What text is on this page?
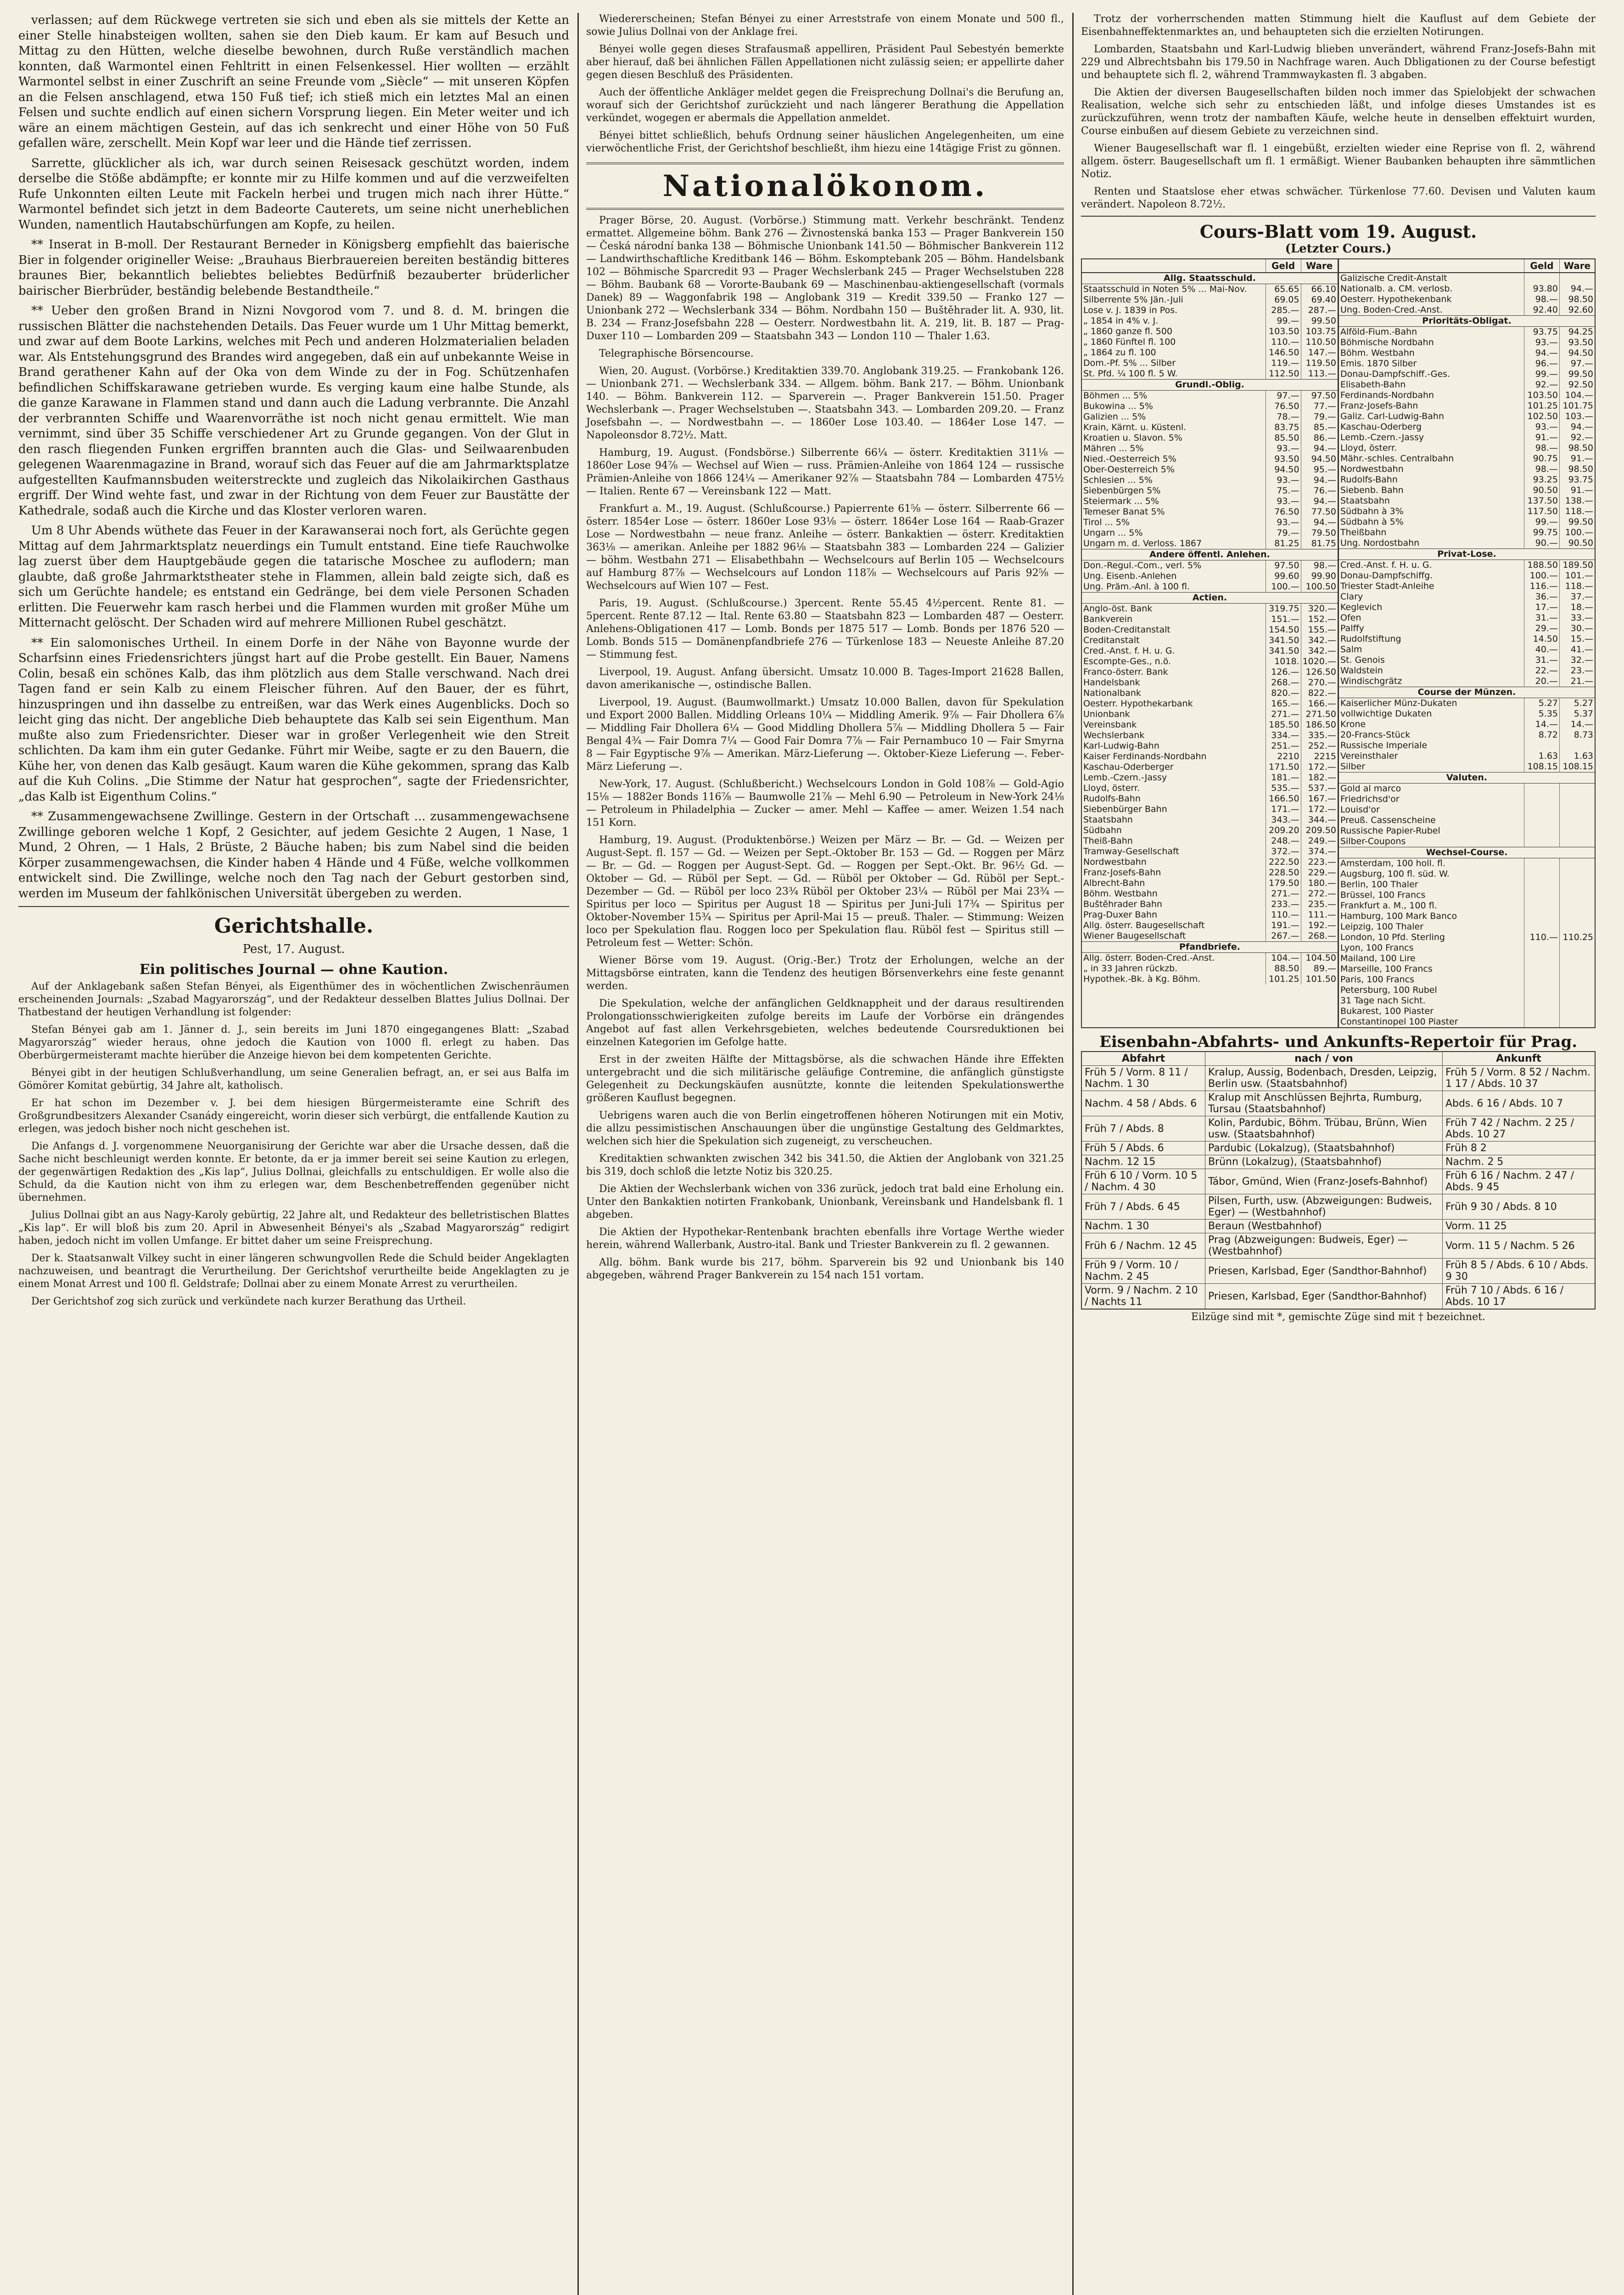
verlassen; auf dem Rückwege vertreten sie sich und eben als sie mittels der Kette an einer Stelle hinabsteigen wollten, sahen sie den Dieb kaum. Er kam auf Besuch und Mittag zu den Hütten, welche dieselbe bewohnen, durch Ruße verständlich machen konnten, daß Warmontel einen Fehltritt in einen Felsenkessel. Hier wollten — erzählt Warmontel selbst in einer Zuschrift an seine Freunde vom „Siècle“ — mit unseren Köpfen an die Felsen anschlagend, etwa 150 Fuß tief; ich stieß mich ein letztes Mal an einen Felsen und suchte endlich auf einen sichern Vorsprung liegen. Ein Meter weiter und ich wäre an einem mächtigen Gestein, auf das ich senkrecht und einer Höhe von 50 Fuß gefallen wäre, zerschellt. Mein Kopf war leer und die Hände tief zerrissen.

Sarrette, glücklicher als ich, war durch seinen Reisesack geschützt worden, indem derselbe die Stöße abdämpfte; er konnte mir zu Hilfe kommen und auf die verzweifelten Rufe Unkonnten eilten Leute mit Fackeln herbei und trugen mich nach ihrer Hütte.“ Warmontel befindet sich jetzt in dem Badeorte Cauterets, um seine nicht unerheblichen Wunden, namentlich Hautabschürfungen am Kopfe, zu heilen.

** Inserat in B-moll. Der Restaurant Berneder in Königsberg empfiehlt das baierische Bier in folgender origineller Weise: „Brauhaus Bierbrauereien bereiten beständig bitteres braunes Bier, bekanntlich beliebtes beliebtes Bedürfniß bezauberter brüderlicher bairischer Bierbrüder, beständig belebende Bestandtheile.“

** Ueber den großen Brand in Nizni Novgorod vom 7. und 8. d. M. bringen die russischen Blätter die nachstehenden Details. Das Feuer wurde um 1 Uhr Mittag bemerkt, und zwar auf dem Boote Larkins, welches mit Pech und anderen Holzmaterialien beladen war. Als Entstehungsgrund des Brandes wird angegeben, daß ein auf unbekannte Weise in Brand gerathener Kahn auf der Oka von dem Winde zu der in Fog. Schützenhafen befindlichen Schiffskarawane getrieben wurde. Es verging kaum eine halbe Stunde, als die ganze Karawane in Flammen stand und dann auch die Ladung verbrannte. Die Anzahl der verbrannten Schiffe und Waarenvorräthe ist noch nicht genau ermittelt. Wie man vernimmt, sind über 35 Schiffe verschiedener Art zu Grunde gegangen. Von der Glut in den rasch fliegenden Funken ergriffen brannten auch die Glas- und Seilwaarenbuden gelegenen Waarenmagazine in Brand, worauf sich das Feuer auf die am Jahrmarktsplatze aufgestellten Kaufmannsbuden weiterstreckte und zugleich das Nikolaikirchen Gasthaus ergriff. Der Wind wehte fast, und zwar in der Richtung von dem Feuer zur Baustätte der Kathedrale, sodaß auch die Kirche und das Kloster verloren waren.

Um 8 Uhr Abends wüthete das Feuer in der Karawanserai noch fort, als Gerüchte gegen Mittag auf dem Jahrmarktsplatz neuerdings ein Tumult entstand. Eine tiefe Rauchwolke lag zuerst über dem Hauptgebäude gegen die tatarische Moschee zu auflodern; man glaubte, daß große Jahrmarktstheater stehe in Flammen, allein bald zeigte sich, daß es sich um Gerüchte handele; es entstand ein Gedränge, bei dem viele Personen Schaden erlitten. Die Feuerwehr kam rasch herbei und die Flammen wurden mit großer Mühe um Mitternacht gelöscht. Der Schaden wird auf mehrere Millionen Rubel geschätzt.

** Ein salomonisches Urtheil. In einem Dorfe in der Nähe von Bayonne wurde der Scharfsinn eines Friedensrichters jüngst hart auf die Probe gestellt. Ein Bauer, Namens Colin, besaß ein schönes Kalb, das ihm plötzlich aus dem Stalle verschwand. Nach drei Tagen fand er sein Kalb zu einem Fleischer führen. Auf den Bauer, der es führt, hinzuspringen und ihn dasselbe zu entreißen, war das Werk eines Augenblicks. Doch so leicht ging das nicht. Der angebliche Dieb behauptete das Kalb sei sein Eigenthum. Man mußte also zum Friedensrichter. Dieser war in großer Verlegenheit wie den Streit schlichten. Da kam ihm ein guter Gedanke. Führt mir Weibe, sagte er zu den Bauern, die Kühe her, von denen das Kalb gesäugt. Kaum waren die Kühe gekommen, sprang das Kalb auf die Kuh Colins. „Die Stimme der Natur hat gesprochen“, sagte der Friedensrichter, „das Kalb ist Eigenthum Colins.“

** Zusammengewachsene Zwillinge. Gestern in der Ortschaft ... zusammengewachsene Zwillinge geboren welche 1 Kopf, 2 Gesichter, auf jedem Gesichte 2 Augen, 1 Nase, 1 Mund, 2 Ohren, — 1 Hals, 2 Brüste, 2 Bäuche haben; bis zum Nabel sind die beiden Körper zusammengewachsen, die Kinder haben 4 Hände und 4 Füße, welche vollkommen entwickelt sind. Die Zwillinge, welche noch den Tag nach der Geburt gestorben sind, werden im Museum der fahlkönischen Universität übergeben zu werden.

Gerichtshalle.
Pest, 17. August.
Ein politisches Journal — ohne Kaution.

Auf der Anklagebank saßen Stefan Bényei, als Eigenthümer des in wöchentlichen Zwischenräumen erscheinenden Journals: „Szabad Magyarország“, und der Redakteur desselben Blattes Julius Dollnai. Der Thatbestand der heutigen Verhandlung ist folgender:

Stefan Bényei gab am 1. Jänner d. J., sein bereits im Juni 1870 eingegangenes Blatt: „Szabad Magyarország“ wieder heraus, ohne jedoch die Kaution von 1000 fl. erlegt zu haben. Das Oberbürgermeisteramt machte hierüber die Anzeige hievon bei dem kompetenten Gerichte.

Bényei gibt in der heutigen Schlußverhandlung, um seine Generalien befragt, an, er sei aus Balfa im Gömörer Komitat gebürtig, 34 Jahre alt, katholisch.

Er hat schon im Dezember v. J. bei dem hiesigen Bürgermeisteramte eine Schrift des Großgrundbesitzers Alexander Csanády eingereicht, worin dieser sich verbürgt, die entfallende Kaution zu erlegen, was jedoch bisher noch nicht geschehen ist.

Die Anfangs d. J. vorgenommene Neuorganisirung der Gerichte war aber die Ursache dessen, daß die Sache nicht beschleunigt werden konnte. Er betonte, da er ja immer bereit sei seine Kaution zu erlegen, der gegenwärtigen Redaktion des „Kis lap“, Julius Dollnai, gleichfalls zu entschuldigen. Er wolle also die Schuld, da die Kaution nicht von ihm zu erlegen war, dem Beschenbetreffenden gegenüber nicht übernehmen.

Julius Dollnai gibt an aus Nagy-Karoly gebürtig, 22 Jahre alt, und Redakteur des belletristischen Blattes „Kis lap“. Er will bloß bis zum 20. April in Abwesenheit Bényei's als „Szabad Magyarország“ redigirt haben, jedoch nicht im vollen Umfange. Er bittet daher um seine Freisprechung.

Der k. Staatsanwalt Vilkey sucht in einer längeren schwungvollen Rede die Schuld beider Angeklagten nachzuweisen, und beantragt die Verurtheilung. Der Gerichtshof verurtheilte beide Angeklagten zu je einem Monat Arrest und 100 fl. Geldstrafe; Dollnai aber zu einem Monate Arrest zu verurtheilen.

Der Gerichtshof zog sich zurück und verkündete nach kurzer Berathung das Urtheil.

Wiedererscheinen; Stefan Bényei zu einer Arreststrafe von einem Monate und 500 fl., sowie Julius Dollnai von der Anklage frei.

Bényei wolle gegen dieses Strafausmaß appelliren, Präsident Paul Sebestyén bemerkte aber hierauf, daß bei ähnlichen Fällen Appellationen nicht zulässig seien; er appellirte daher gegen diesen Beschluß des Präsidenten.

Auch der öffentliche Ankläger meldet gegen die Freisprechung Dollnai's die Berufung an, worauf sich der Gerichtshof zurückzieht und nach längerer Berathung die Appellation verkündet, wogegen er abermals die Appellation anmeldet.

Bényei bittet schließlich, behufs Ordnung seiner häuslichen Angelegenheiten, um eine vierwöchentliche Frist, der Gerichtshof beschließt, ihm hiezu eine 14tägige Frist zu gönnen.

Nationalökonom.

Prager Börse, 20. August. (Vorbörse.) Stimmung matt. Verkehr beschränkt. Tendenz ermattet. Allgemeine böhm. Bank 276 — Živnostenská banka 153 — Prager Bankverein 150 — Česká národní banka 138 — Böhmische Unionbank 141.50 — Böhmischer Bankverein 112 — Landwirthschaftliche Kreditbank 146 — Böhm. Eskomptebank 205 — Böhm. Handelsbank 102 — Böhmische Sparcredit 93 — Prager Wechslerbank 245 — Prager Wechselstuben 228 — Böhm. Baubank 68 — Vororte-Baubank 69 — Maschinenbau-aktiengesellschaft (vormals Danek) 89 — Waggonfabrik 198 — Anglobank 319 — Kredit 339.50 — Franko 127 — Unionbank 272 — Wechslerbank 334 — Böhm. Nordbahn 150 — Buštěhrader lit. A. 930, lit. B. 234 — Franz-Josefsbahn 228 — Oesterr. Nordwestbahn lit. A. 219, lit. B. 187 — Prag-Duxer 110 — Lombarden 209 — Staatsbahn 343 — London 110 — Thaler 1.63.

Telegraphische Börsencourse.

Wien, 20. August. (Vorbörse.) Kreditaktien 339.70. Anglobank 319.25. — Frankobank 126. — Unionbank 271. — Wechslerbank 334. — Allgem. böhm. Bank 217. — Böhm. Unionbank 140. — Böhm. Bankverein 112. — Sparverein —. Prager Bankverein 151.50. Prager Wechslerbank —. Prager Wechselstuben —. Staatsbahn 343. — Lombarden 209.20. — Franz Josefsbahn —. — Nordwestbahn —. — 1860er Lose 103.40. — 1864er Lose 147. — Napoleonsdor 8.72½. Matt.

Hamburg, 19. August. (Fondsbörse.) Silberrente 66¼ — österr. Kreditaktien 311⅛ — 1860er Lose 94⅞ — Wechsel auf Wien — russ. Prämien-Anleihe von 1864 124 — russische Prämien-Anleihe von 1866 124¼ — Amerikaner 92⅞ — Staatsbahn 784 — Lombarden 475½ — Italien. Rente 67 — Vereinsbank 122 — Matt.

Frankfurt a. M., 19. August. (Schlußcourse.) Papierrente 61⅝ — österr. Silberrente 66 — österr. 1854er Lose — österr. 1860er Lose 93⅛ — österr. 1864er Lose 164 — Raab-Grazer Lose — Nordwestbahn — neue franz. Anleihe — österr. Bankaktien — österr. Kreditaktien 363⅛ — amerikan. Anleihe per 1882 96⅛ — Staatsbahn 383 — Lombarden 224 — Galizier — böhm. Westbahn 271 — Elisabethbahn — Wechselcours auf Berlin 105 — Wechselcours auf Hamburg 87⅞ — Wechselcours auf London 118⅞ — Wechselcours auf Paris 92⅝ — Wechselcours auf Wien 107 — Fest.

Paris, 19. August. (Schlußcourse.) 3percent. Rente 55.45 4½percent. Rente 81. — 5percent. Rente 87.12 — Ital. Rente 63.80 — Staatsbahn 823 — Lombarden 487 — Oesterr. Anlehens-Obligationen 417 — Lomb. Bonds per 1875 517 — Lomb. Bonds per 1876 520 — Lomb. Bonds 515 — Domänenpfandbriefe 276 — Türkenlose 183 — Neueste Anleihe 87.20 — Stimmung fest.

Liverpool, 19. August. Anfang übersicht. Umsatz 10.000 B. Tages-Import 21628 Ballen, davon amerikanische —, ostindische Ballen.

Liverpool, 19. August. (Baumwollmarkt.) Umsatz 10.000 Ballen, davon für Spekulation und Export 2000 Ballen. Middling Orleans 10¼ — Middling Amerik. 9⅞ — Fair Dhollera 6⅞ — Middling Fair Dhollera 6¼ — Good Middling Dhollera 5⅞ — Middling Dhollera 5 — Fair Bengal 4¾ — Fair Domra 7¼ — Good Fair Domra 7⅞ — Fair Pernambuco 10 — Fair Smyrna 8 — Fair Egyptische 9⅞ — Amerikan. März-Lieferung —. Oktober-Kieze Lieferung —. Feber-März Lieferung —.

New-York, 17. August. (Schlußbericht.) Wechselcours London in Gold 108⅞ — Gold-Agio 15⅛ — 1882er Bonds 116⅞ — Baumwolle 21⅞ — Mehl 6.90 — Petroleum in New-York 24⅛ — Petroleum in Philadelphia — Zucker — amer. Mehl — Kaffee — amer. Weizen 1.54 nach 151 Korn.

Hamburg, 19. August. (Produktenbörse.) Weizen per März — Br. — Gd. — Weizen per August-Sept. fl. 157 — Gd. — Weizen per Sept.-Oktober Br. 153 — Gd. — Roggen per März — Br. — Gd. — Roggen per August-Sept. Gd. — Roggen per Sept.-Okt. Br. 96½ Gd. — Oktober — Gd. — Rüböl per Sept. — Gd. — Rüböl per Oktober — Gd. Rüböl per Sept.-Dezember — Gd. — Rüböl per loco 23¾ Rüböl per Oktober 23¼ — Rüböl per Mai 23¾ — Spiritus per loco — Spiritus per August 18 — Spiritus per Juni-Juli 17¾ — Spiritus per Oktober-November 15¾ — Spiritus per April-Mai 15 — preuß. Thaler. — Stimmung: Weizen loco per Spekulation flau. Roggen loco per Spekulation flau. Rüböl fest — Spiritus still — Petroleum fest — Wetter: Schön.

Wiener Börse vom 19. August. (Orig.-Ber.) Trotz der Erholungen, welche an der Mittagsbörse eintraten, kann die Tendenz des heutigen Börsenverkehrs eine feste genannt werden.

Die Spekulation, welche der anfänglichen Geldknappheit und der daraus resultirenden Prolongationsschwierigkeiten zufolge bereits im Laufe der Vorbörse ein drängendes Angebot auf fast allen Verkehrsgebieten, welches bedeutende Coursreduktionen bei einzelnen Kategorien im Gefolge hatte.

Erst in der zweiten Hälfte der Mittagsbörse, als die schwachen Hände ihre Effekten untergebracht und die sich militärische geläufige Contremine, die anfänglich günstigste Gelegenheit zu Deckungskäufen ausnützte, konnte die leitenden Spekulationswerthe größeren Kauflust begegnen.

Uebrigens waren auch die von Berlin eingetroffenen höheren Notirungen mit ein Motiv, die allzu pessimistischen Anschauungen über die ungünstige Gestaltung des Geldmarktes, welchen sich hier die Spekulation sich zugeneigt, zu verscheuchen.

Kreditaktien schwankten zwischen 342 bis 341.50, die Aktien der Anglobank von 321.25 bis 319, doch schloß die letzte Notiz bis 320.25.

Die Aktien der Wechslerbank wichen von 336 zurück, jedoch trat bald eine Erholung ein. Unter den Bankaktien notirten Frankobank, Unionbank, Vereinsbank und Handelsbank fl. 1 abgeben.

Die Aktien der Hypothekar-Rentenbank brachten ebenfalls ihre Vortage Werthe wieder herein, während Wallerbank, Austro-ital. Bank und Triester Bankverein zu fl. 2 gewannen.

Allg. böhm. Bank wurde bis 217, böhm. Sparverein bis 92 und Unionbank bis 140 abgegeben, während Prager Bankverein zu 154 nach 151 vortam.

Trotz der vorherrschenden matten Stimmung hielt die Kauflust auf dem Gebiete der Eisenbahneffektenmarktes an, und behaupteten sich die erzielten Notirungen.

Lombarden, Staatsbahn und Karl-Ludwig blieben unverändert, während Franz-Josefs-Bahn mit 229 und Albrechtsbahn bis 179.50 in Nachfrage waren. Auch Dbligationen zu der Course befestigt und behauptete sich fl. 2, während Trammwaykasten fl. 3 abgaben.

Die Aktien der diversen Baugesellschaften bilden noch immer das Spielobjekt der schwachen Realisation, welche sich sehr zu entschieden läßt, und infolge dieses Umstandes ist es zurückzuführen, wenn trotz der nambaften Käufe, welche heute in denselben effektuirt wurden, Course einbußen auf diesem Gebiete zu verzeichnen sind.

Wiener Baugesellschaft war fl. 1 eingebüßt, erzielten wieder eine Reprise von fl. 2, während allgem. österr. Baugesellschaft um fl. 1 ermäßigt. Wiener Baubanken behaupten ihre sämmtlichen Notiz.

Renten und Staatslose eher etwas schwächer. Türkenlose 77.60. Devisen und Valuten kaum verändert. Napoleon 8.72½.

Cours-Blatt vom 19. August.
(Letzter Cours.)
	Geld	Ware
Allg. Staatsschuld.		
Staatsschuld in Noten 5% ... Mai-Nov.	65.65	66.10
Silberrente 5% Jän.-Juli	69.05	69.40
Lose v. J. 1839 in Pos.	285.—	287.—
„ 1854 in 4% v. J.	99.—	99.50
„ 1860 ganze fl. 500	103.50	103.75
„ 1860 Fünftel fl. 100	110.—	110.50
„ 1864 zu fl. 100	146.50	147.—
Dom.-Pf. 5% ... Silber	119.—	119.50
St. Pfd. ¼ 100 fl. 5 W.	112.50	113.—
Grundl.-Oblig.		
Böhmen ... 5%	97.—	97.50
Bukowina ... 5%	76.50	77.—
Galizien ... 5%	78.—	79.—
Krain, Kärnt. u. Küstenl.	83.75	85.—
Kroatien u. Slavon. 5%	85.50	86.—
Mähren ... 5%	93.—	94.—
Nied.-Oesterreich 5%	93.50	94.50
Ober-Oesterreich 5%	94.50	95.—
Schlesien ... 5%	93.—	94.—
Siebenbürgen 5%	75.—	76.—
Steiermark ... 5%	93.—	94.—
Temeser Banat 5%	76.50	77.50
Tirol ... 5%	93.—	94.—
Ungarn ... 5%	79.—	79.50
Ungarn m. d. Verloss. 1867	81.25	81.75
Andere öffentl. Anlehen.		
Don.-Regul.-Com., verl. 5%	97.50	98.—
Ung. Eisenb.-Anlehen	99.60	99.90
Ung. Präm.-Anl. à 100 fl.	100.—	100.50
Actien.		
Anglo-öst. Bank	319.75	320.—
Bankverein	151.—	152.—
Boden-Creditanstalt	154.50	155.—
Creditanstalt	341.50	342.—
Cred.-Anst. f. H. u. G.	341.50	342.—
Escompte-Ges., n.ö.	1018.	1020.—
Franco-österr. Bank	126.—	126.50
Handelsbank	268.—	270.—
Nationalbank	820.—	822.—
Oesterr. Hypothekarbank	165.—	166.—
Unionbank	271.—	271.50
Vereinsbank	185.50	186.50
Wechslerbank	334.—	335.—
Karl-Ludwig-Bahn	251.—	252.—
Kaiser Ferdinands-Nordbahn	2210	2215
Kaschau-Oderberger	171.50	172.—
Lemb.-Czern.-Jassy	181.—	182.—
Lloyd, österr.	535.—	537.—
Rudolfs-Bahn	166.50	167.—
Siebenbürger Bahn	171.—	172.—
Staatsbahn	343.—	344.—
Südbahn	209.20	209.50
Theiß-Bahn	248.—	249.—
Tramway-Gesellschaft	372.—	374.—
Nordwestbahn	222.50	223.—
Franz-Josefs-Bahn	228.50	229.—
Albrecht-Bahn	179.50	180.—
Böhm. Westbahn	271.—	272.—
Buštěhrader Bahn	233.—	235.—
Prag-Duxer Bahn	110.—	111.—
Allg. österr. Baugesellschaft	191.—	192.—
Wiener Baugesellschaft	267.—	268.—
Pfandbriefe.		
Allg. österr. Boden-Cred.-Anst.	104.—	104.50
„ in 33 Jahren rückzb.	88.50	89.—
Hypothek.-Bk. à Kg. Böhm.	101.25	101.50
	Geld	Ware
Galizische Credit-Anstalt		
Nationalb. a. CM. verlosb.	93.80	94.—
Oesterr. Hypothekenbank	98.—	98.50
Ung. Boden-Cred.-Anst.	92.40	92.60
Prioritäts-Obligat.		
Alföld-Fium.-Bahn	93.75	94.25
Böhmische Nordbahn	93.—	93.50
Böhm. Westbahn	94.—	94.50
Emis. 1870 Silber	96.—	97.—
Donau-Dampfschiff.-Ges.	99.—	99.50
Elisabeth-Bahn	92.—	92.50
Ferdinands-Nordbahn	103.50	104.—
Franz-Josefs-Bahn	101.25	101.75
Galiz. Carl-Ludwig-Bahn	102.50	103.—
Kaschau-Oderberg	93.—	94.—
Lemb.-Czern.-Jassy	91.—	92.—
Lloyd, österr.	98.—	98.50
Mähr.-schles. Centralbahn	90.75	91.—
Nordwestbahn	98.—	98.50
Rudolfs-Bahn	93.25	93.75
Siebenb. Bahn	90.50	91.—
Staatsbahn	137.50	138.—
Südbahn à 3%	117.50	118.—
Südbahn à 5%	99.—	99.50
Theißbahn	99.75	100.—
Ung. Nordostbahn	90.—	90.50
Privat-Lose.		
Cred.-Anst. f. H. u. G.	188.50	189.50
Donau-Dampfschiffg.	100.—	101.—
Triester Stadt-Anleihe	116.—	118.—
Clary	36.—	37.—
Keglevich	17.—	18.—
Ofen	31.—	33.—
Palffy	29.—	30.—
Rudolfstiftung	14.50	15.—
Salm	40.—	41.—
St. Genois	31.—	32.—
Waldstein	22.—	23.—
Windischgrätz	20.—	21.—
Course der Münzen.		
Kaiserlicher Münz-Dukaten	5.27	5.27
vollwichtige Dukaten	5.35	5.37
Krone	14.—	14.—
20-Francs-Stück	8.72	8.73
Russische Imperiale		
Vereinsthaler	1.63	1.63
Silber	108.15	108.15
Valuten.		
Gold al marco		
Friedrichsd'or		
Louisd'or		
Preuß. Cassenscheine		
Russische Papier-Rubel		
Silber-Coupons		
Wechsel-Course.		
Amsterdam, 100 holl. fl.		
Augsburg, 100 fl. süd. W.		
Berlin, 100 Thaler		
Brüssel, 100 Francs		
Frankfurt a. M., 100 fl.		
Hamburg, 100 Mark Banco		
Leipzig, 100 Thaler		
London, 10 Pfd. Sterling	110.—	110.25
Lyon, 100 Francs		
Mailand, 100 Lire		
Marseille, 100 Francs		
Paris, 100 Francs		
Petersburg, 100 Rubel		
31 Tage nach Sicht.		
Bukarest, 100 Piaster		
Constantinopel 100 Piaster		
Eisenbahn-Abfahrts- und Ankunfts-Repertoir für Prag.
Abfahrt	nach / von	Ankunft
Früh 5 / Vorm. 8 11 / Nachm. 1 30	Kralup, Aussig, Bodenbach, Dresden, Leipzig, Berlin usw. (Staatsbahnhof)	Früh 5 / Vorm. 8 52 / Nachm. 1 17 / Abds. 10 37
Nachm. 4 58 / Abds. 6	Kralup mit Anschlüssen Bejhrta, Rumburg, Tursau (Staatsbahnhof)	Abds. 6 16 / Abds. 10 7
Früh 7 / Abds. 8	Kolin, Pardubic, Böhm. Trübau, Brünn, Wien usw. (Staatsbahnhof)	Früh 7 42 / Nachm. 2 25 / Abds. 10 27
Früh 5 / Abds. 6	Pardubic (Lokalzug), (Staatsbahnhof)	Früh 8 2
Nachm. 12 15	Brünn (Lokalzug), (Staatsbahnhof)	Nachm. 2 5
Früh 6 10 / Vorm. 10 5 / Nachm. 4 30	Tábor, Gmünd, Wien (Franz-Josefs-Bahnhof)	Früh 6 16 / Nachm. 2 47 / Abds. 9 45
Früh 7 / Abds. 6 45	Pilsen, Furth, usw. (Abzweigungen: Budweis, Eger) — (Westbahnhof)	Früh 9 30 / Abds. 8 10
Nachm. 1 30	Beraun (Westbahnhof)	Vorm. 11 25
Früh 6 / Nachm. 12 45	Prag (Abzweigungen: Budweis, Eger) — (Westbahnhof)	Vorm. 11 5 / Nachm. 5 26
Früh 9 / Vorm. 10 / Nachm. 2 45	Priesen, Karlsbad, Eger (Sandthor-Bahnhof)	Früh 8 5 / Abds. 6 10 / Abds. 9 30
Vorm. 9 / Nachm. 2 10 / Nachts 11	Priesen, Karlsbad, Eger (Sandthor-Bahnhof)	Früh 7 10 / Abds. 6 16 / Abds. 10 17
Eilzüge sind mit *, gemischte Züge sind mit † bezeichnet.
